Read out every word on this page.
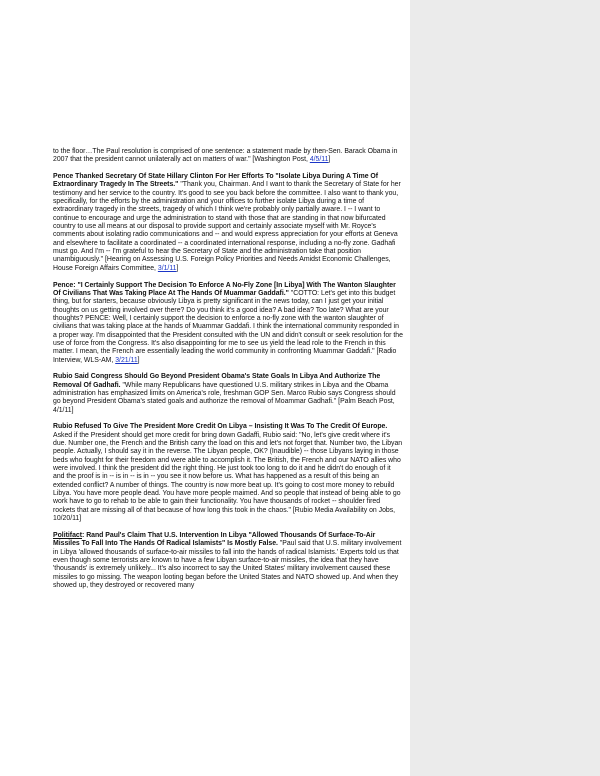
to the floor…The Paul resolution is comprised of one sentence: a statement made by then-Sen. Barack Obama in 2007 that the president cannot unilaterally act on matters of war." [Washington Post, 4/5/11]

Pence Thanked Secretary Of State Hillary Clinton For Her Efforts To "Isolate Libya During A Time Of Extraordinary Tragedy In The Streets." "Thank you, Chairman. And I want to thank the Secretary of State for her testimony and her service to the country. It's good to see you back before the committee. I also want to thank you, specifically, for the efforts by the administration and your offices to further isolate Libya during a time of extraordinary tragedy in the streets, tragedy of which I think we're probably only partially aware. I -- I want to continue to encourage and urge the administration to stand with those that are standing in that now bifurcated country to use all means at our disposal to provide support and certainly associate myself with Mr. Royce's comments about isolating radio communications and -- and would express appreciation for your efforts at Geneva and elsewhere to facilitate a coordinated -- a coordinated international response, including a no-fly zone. Gadhafi must go. And I'm -- I'm grateful to hear the Secretary of State and the administration take that position unambiguously." [Hearing on Assessing U.S. Foreign Policy Priorities and Needs Amidst Economic Challenges, House Foreign Affairs Committee, 3/1/11]

Pence: "I Certainly Support The Decision To Enforce A No-Fly Zone [In Libya] With The Wanton Slaughter Of Civilians That Was Taking Place At The Hands Of Muammar Gaddafi." "COTTO: Let's get into this budget thing, but for starters, because obviously Libya is pretty significant in the news today, can I just get your initial thoughts on us getting involved over there? Do you think it's a good idea? A bad idea? Too late? What are your thoughts? PENCE: Well, I certainly support the decision to enforce a no-fly zone with the wanton slaughter of civilians that was taking place at the hands of Muammar Gaddafi. I think the international community responded in a proper way. I'm disappointed that the President consulted with the UN and didn't consult or seek resolution for the use of force from the Congress. It's also disappointing for me to see us yield the lead role to the French in this matter. I mean, the French are essentially leading the world community in confronting Muammar Gaddafi." [Radio Interview, WLS-AM, 3/21/11]

Rubio Said Congress Should Go Beyond President Obama's State Goals In Libya And Authorize The Removal Of Gadhafi. "While many Republicans have questioned U.S. military strikes in Libya and the Obama administration has emphasized limits on America's role, freshman GOP Sen. Marco Rubio says Congress should go beyond President Obama's stated goals and authorize the removal of Moammar Gadhafi." [Palm Beach Post, 4/1/11]

Rubio Refused To Give The President More Credit On Libya – Insisting It Was To The Credit Of Europe. Asked if the President should get more credit for bring down Gadaffi, Rubio said: "No, let's give credit where it's due. Number one, the French and the British carry the load on this and let's not forget that. Number two, the Libyan people. Actually, I should say it in the reverse. The Libyan people, OK? (Inaudible) -- those Libyans laying in those beds who fought for their freedom and were able to accomplish it. The British, the French and our NATO allies who were involved. I think the president did the right thing. He just took too long to do it and he didn't do enough of it and the proof is in -- is in -- is in -- you see it now before us. What has happened as a result of this being an extended conflict? A number of things. The country is now more beat up. It's going to cost more money to rebuild Libya. You have more people dead. You have more people maimed. And so people that instead of being able to go work have to go to rehab to be able to gain their functionality. You have thousands of rocket -- shoulder fired rockets that are missing all of that because of how long this took in the chaos." [Rubio Media Availability on Jobs, 10/20/11]

Politifact: Rand Paul's Claim That U.S. Intervention In Libya "Allowed Thousands Of Surface-To-Air Missiles To Fall Into The Hands Of Radical Islamists" Is Mostly False. "Paul said that U.S. military involvement in Libya 'allowed thousands of surface-to-air missiles to fall into the hands of radical Islamists.' Experts told us that even though some terrorists are known to have a few Libyan surface-to-air missiles, the idea that they have 'thousands' is extremely unlikely... It's also incorrect to say the United States' military involvement caused these missiles to go missing. The weapon looting began before the United States and NATO showed up. And when they showed up, they destroyed or recovered many
